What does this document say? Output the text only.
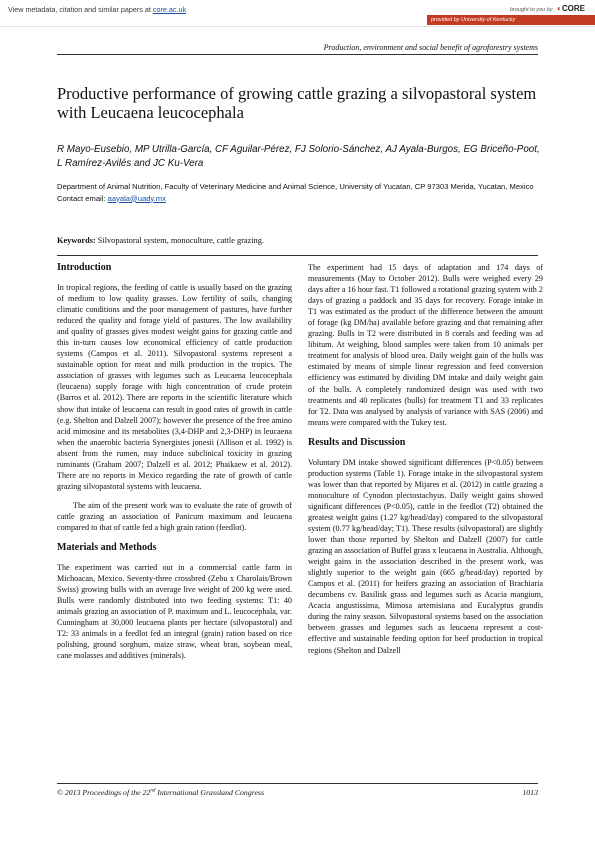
View metadata, citation and similar papers at core.ac.uk	brought to you by ◐CORE
provided by University of Kentucky
Production, environment and social benefit of agroforestry systems
Productive performance of growing cattle grazing a silvopastoral system with Leucaena leucocephala
R Mayo-Eusebio, MP Utrilla-García, CF Aguilar-Pérez, FJ Solorio-Sánchez, AJ Ayala-Burgos, EG Briceño-Poot, L Ramírez-Avilés and JC Ku-Vera
Department of Animal Nutrition, Faculty of Veterinary Medicine and Animal Science, University of Yucatan, CP 97303 Merida, Yucatan, Mexico
Contact email: aayala@uady.mx
Keywords: Silvopastoral system, monoculture, cattle grazing.
Introduction

In tropical regions, the feeding of cattle is usually based on the grazing of medium to low quality grasses. Low fertility of soils, changing climatic conditions and the poor management of pastures, have further reduced the quality and forage yield of pastures. The low availability and quality of grasses gives modest weight gains for grazing cattle and this in-turn causes low economical efficiency of cattle production systems (Campos et al. 2011). Silvopastoral systems represent a sustainable option for meat and milk production in the tropics. The association of grasses with legumes such as Leucaena leucocephala (leucaena) supply forage with high concentration of crude protein (Barros et al. 2012). There are reports in the scientific literature which show that intake of leucaena can result in good rates of growth in cattle (e.g. Shelton and Dalzell 2007); however the presence of the free amino acid mimosine and its metabolites (3,4-DHP and 2,3-DHP) in leucaena when the anaerobic bacteria Synergistes jonesii (Allison et al. 1992) is absent from the rumen, may induce subclinical toxicity in grazing ruminants (Graham 2007; Dalzell et al. 2012; Phaikaew et al. 2012). There are no reports in Mexico regarding the rate of growth of cattle grazing silvopastoral systems with leucaena.

The aim of the present work was to evaluate the rate of growth of cattle grazing an association of Panicum maximum and leucaena compared to that of cattle fed a high grain ration (feedlot).

Materials and Methods

The experiment was carried out in a commercial cattle farm in Michoacan, Mexico. Seventy-three crossbred (Zebu x Charolais/Brown Swiss) growing bulls with an average live weight of 200 kg were used. Bulls were randomly distributed into two feeding systems: T1: 40 animals grazing an association of P. maximum and L. leucocephala, var. Cunningham at 30,000 leucaena plants per hectare (silvopastoral) and T2: 33 animals in a feedlot fed an integral (grain) ration based on rice polishing, ground sorghum, maize straw, wheat bran, soybean meal, cane molasses and additives (minerals).

The experiment had 15 days of adaptation and 174 days of measurements (May to October 2012). Bulls were weighed every 29 days after a 16 hour fast. T1 followed a rotational grazing system with 2 days of grazing a paddock and 35 days for recovery. Forage intake in T1 was estimated as the product of the difference between the amount of forage (kg DM/ha) available before grazing and that remaining after grazing. Bulls in T2 were distributed in 8 corrals and feeding was ad libitum. At weighing, blood samples were taken from 10 animals per treatment for analysis of blood urea. Daily weight gain of the bulls was estimated by means of simple linear regression and feed conversion efficiency was estimated by dividing DM intake and daily weight gain of the bulls. A completely randomized design was used with two treatments and 40 replicates (bulls) for treatment T1 and 33 replicates for T2. Data was analysed by analysis of variance with SAS (2006) and means were compared with the Tukey test.

Results and Discussion

Voluntary DM intake showed significant differences (P<0.05) between production systems (Table 1). Forage intake in the silvopastoral system was lower than that reported by Mijares et al. (2012) in cattle grazing a monoculture of Cynodon plectostachyus. Daily weight gains showed significant differences (P<0.05), cattle in the feedlot (T2) obtained the greatest weight gains (1.27 kg/head/day) compared to the silvopastoral system (0.77 kg/head/day; T1). These results (silvopastoral) are slightly lower than those reported by Shelton and Dalzell (2007) for cattle grazing an association of Buffel grass x leucaena in Australia. Although, weight gains in the association described in the present work, was slightly superior to the weight gain (665 g/head/day) reported by Campos et al. (2011) for heifers grazing an association of Brachiaria decumbens cv. Basilisk grass and legumes such as Acacia mangium, Acacia angustissima, Mimosa artemisiana and Eucalyptus grandis during the rainy season. Silvopastoral systems based on the association between grasses and legumes such as leucaena represent a cost-effective and sustainable feeding option for beef production in tropical regions (Shelton and Dalzell

© 2013 Proceedings of the 22nd International Grassland Congress	1013
